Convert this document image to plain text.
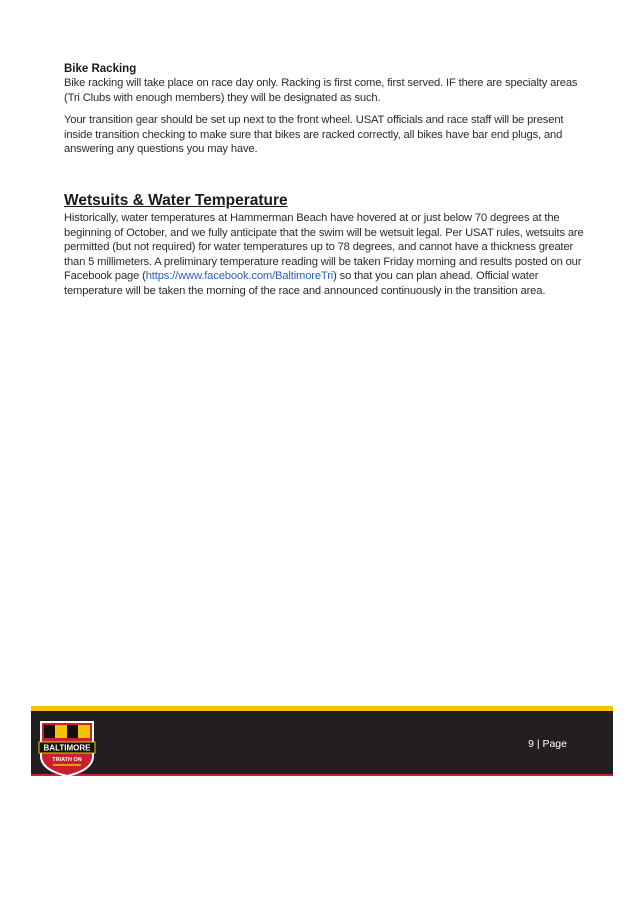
Bike Racking

Bike racking will take place on race day only. Racking is first come, first served. IF there are specialty areas (Tri Clubs with enough members) they will be designated as such.

Your transition gear should be set up next to the front wheel. USAT officials and race staff will be present inside transition checking to make sure that bikes are racked correctly, all bikes have bar end plugs, and answering any questions you may have.

Wetsuits & Water Temperature

Historically, water temperatures at Hammerman Beach have hovered at or just below 70 degrees at the beginning of October, and we fully anticipate that the swim will be wetsuit legal. Per USAT rules, wetsuits are permitted (but not required) for water temperatures up to 78 degrees, and cannot have a thickness greater than 5 millimeters. A preliminary temperature reading will be taken Friday morning and results posted on our Facebook page (https://www.facebook.com/BaltimoreTri) so that you can plan ahead. Official water temperature will be taken the morning of the race and announced continuously in the transition area.

BALTIMORE
TRIATH ON
9 | Page
